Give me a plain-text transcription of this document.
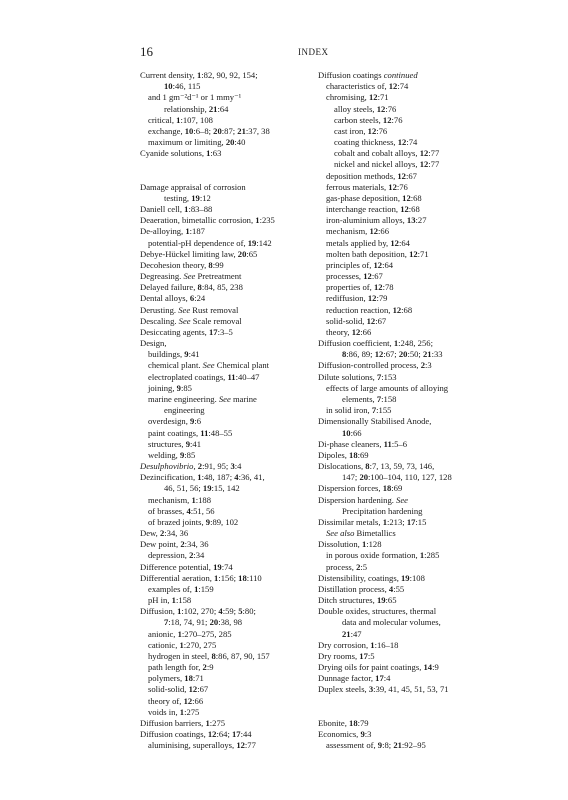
16	INDEX
Current density, 1:82, 90, 92, 154;
10:46, 115
and 1 gm⁻²d⁻¹ or 1 mmy⁻¹
relationship, 21:64
critical, 1:107, 108
exchange, 10:6–8; 20:87; 21:37, 38
maximum or limiting, 20:40
Cyanide solutions, 1:63
Damage appraisal of corrosion
testing, 19:12
Daniell cell, 1:83–88
Deaeration, bimetallic corrosion, 1:235
De-alloying, 1:187
potential-pH dependence of, 19:142
Debye-Hückel limiting law, 20:65
Decohesion theory, 8:99
Degreasing. See Pretreatment
Delayed failure, 8:84, 85, 238
Dental alloys, 6:24
Derusting. See Rust removal
Descaling. See Scale removal
Desiccating agents, 17:3–5
Design,
buildings, 9:41
chemical plant. See Chemical plant
electroplated coatings, 11:40–47
joining, 9:85
marine engineering. See marine
engineering
overdesign, 9:6
paint coatings, 11:48–55
structures, 9:41
welding, 9:85
Desulphovibrio, 2:91, 95; 3:4
Dezincification, 1:48, 187; 4:36, 41,
46, 51, 56; 19:15, 142
mechanism, 1:188
of brasses, 4:51, 56
of brazed joints, 9:89, 102
Dew, 2:34, 36
Dew point, 2:34, 36
depression, 2:34
Difference potential, 19:74
Differential aeration, 1:156; 18:110
examples of, 1:159
pH in, 1:158
Diffusion, 1:102, 270; 4:59; 5:80;
7:18, 74, 91; 20:38, 98
anionic, 1:270–275, 285
cationic, 1:270, 275
hydrogen in steel, 8:86, 87, 90, 157
path length for, 2:9
polymers, 18:71
solid-solid, 12:67
theory of, 12:66
voids in, 1:275
Diffusion barriers, 1:275
Diffusion coatings, 12:64; 17:44
aluminising, superalloys, 12:77
Diffusion coatings continued
characteristics of, 12:74
chromising, 12:71
alloy steels, 12:76
carbon steels, 12:76
cast iron, 12:76
coating thickness, 12:74
cobalt and cobalt alloys, 12:77
nickel and nickel alloys, 12:77
deposition methods, 12:67
ferrous materials, 12:76
gas-phase deposition, 12:68
interchange reaction, 12:68
iron-aluminium alloys, 13:27
mechanism, 12:66
metals applied by, 12:64
molten bath deposition, 12:71
principles of, 12:64
processes, 12:67
properties of, 12:78
rediffusion, 12:79
reduction reaction, 12:68
solid-solid, 12:67
theory, 12:66
Diffusion coefficient, 1:248, 256;
8:86, 89; 12:67; 20:50; 21:33
Diffusion-controlled process, 2:3
Dilute solutions, 7:153
effects of large amounts of alloying
elements, 7:158
in solid iron, 7:155
Dimensionally Stabilised Anode,
10:66
Di-phase cleaners, 11:5–6
Dipoles, 18:69
Dislocations, 8:7, 13, 59, 73, 146,
147; 20:100–104, 110, 127, 128
Dispersion forces, 18:69
Dispersion hardening. See
Precipitation hardening
Dissimilar metals, 1:213; 17:15
See also Bimetallics
Dissolution, 1:128
in porous oxide formation, 1:285
process, 2:5
Distensibility, coatings, 19:108
Distillation process, 4:55
Ditch structures, 19:65
Double oxides, structures, thermal
data and molecular volumes,
21:47
Dry corrosion, 1:16–18
Dry rooms, 17:5
Drying oils for paint coatings, 14:9
Dunnage factor, 17:4
Duplex steels, 3:39, 41, 45, 51, 53, 71
Ebonite, 18:79
Economics, 9:3
assessment of, 9:8; 21:92–95
